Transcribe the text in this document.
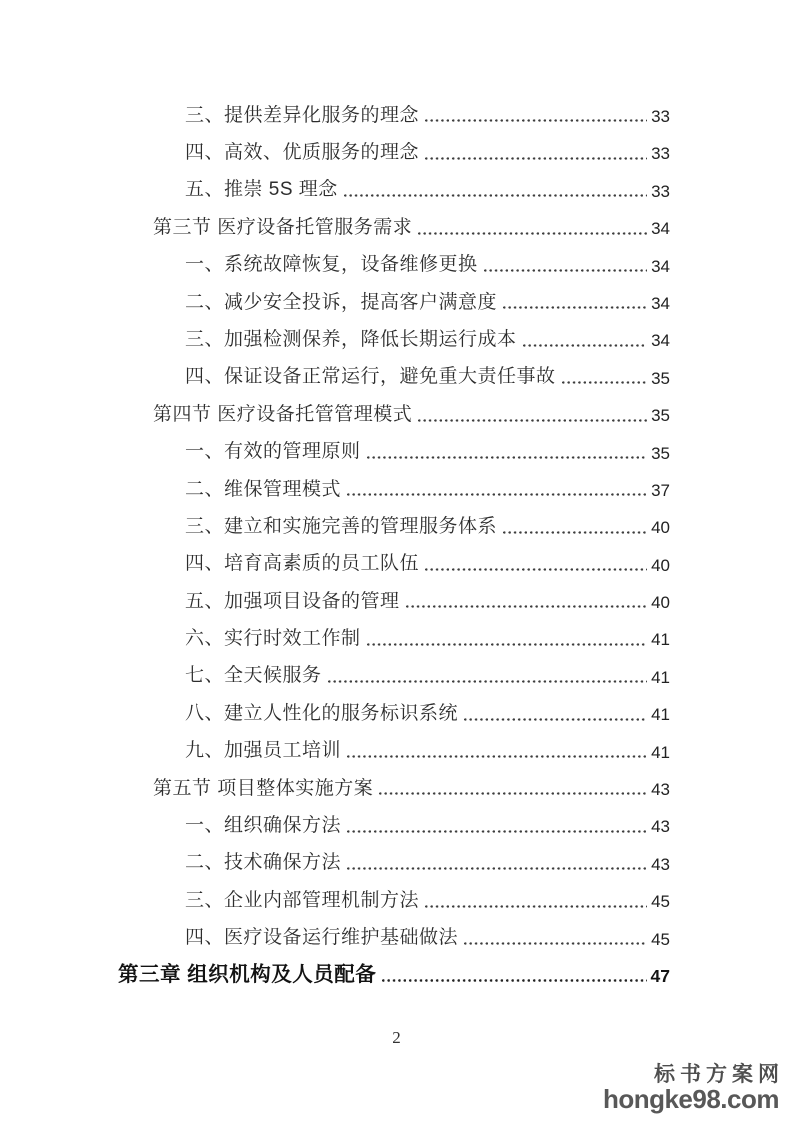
三、提供差异化服务的理念	33
四、高效、优质服务的理念	33
五、推崇 5S 理念	33
第三节 医疗设备托管服务需求	34
一、系统故障恢复，设备维修更换	34
二、减少安全投诉，提高客户满意度	34
三、加强检测保养，降低长期运行成本	34
四、保证设备正常运行，避免重大责任事故	35
第四节 医疗设备托管管理模式	35
一、有效的管理原则	35
二、维保管理模式	37
三、建立和实施完善的管理服务体系	40
四、培育高素质的员工队伍	40
五、加强项目设备的管理	40
六、实行时效工作制	41
七、全天候服务	41
八、建立人性化的服务标识系统	41
九、加强员工培训	41
第五节 项目整体实施方案	43
一、组织确保方法	43
二、技术确保方法	43
三、企业内部管理机制方法	45
四、医疗设备运行维护基础做法	45
第三章 组织机构及人员配备	47
2
标书方案网
hongke98.com
